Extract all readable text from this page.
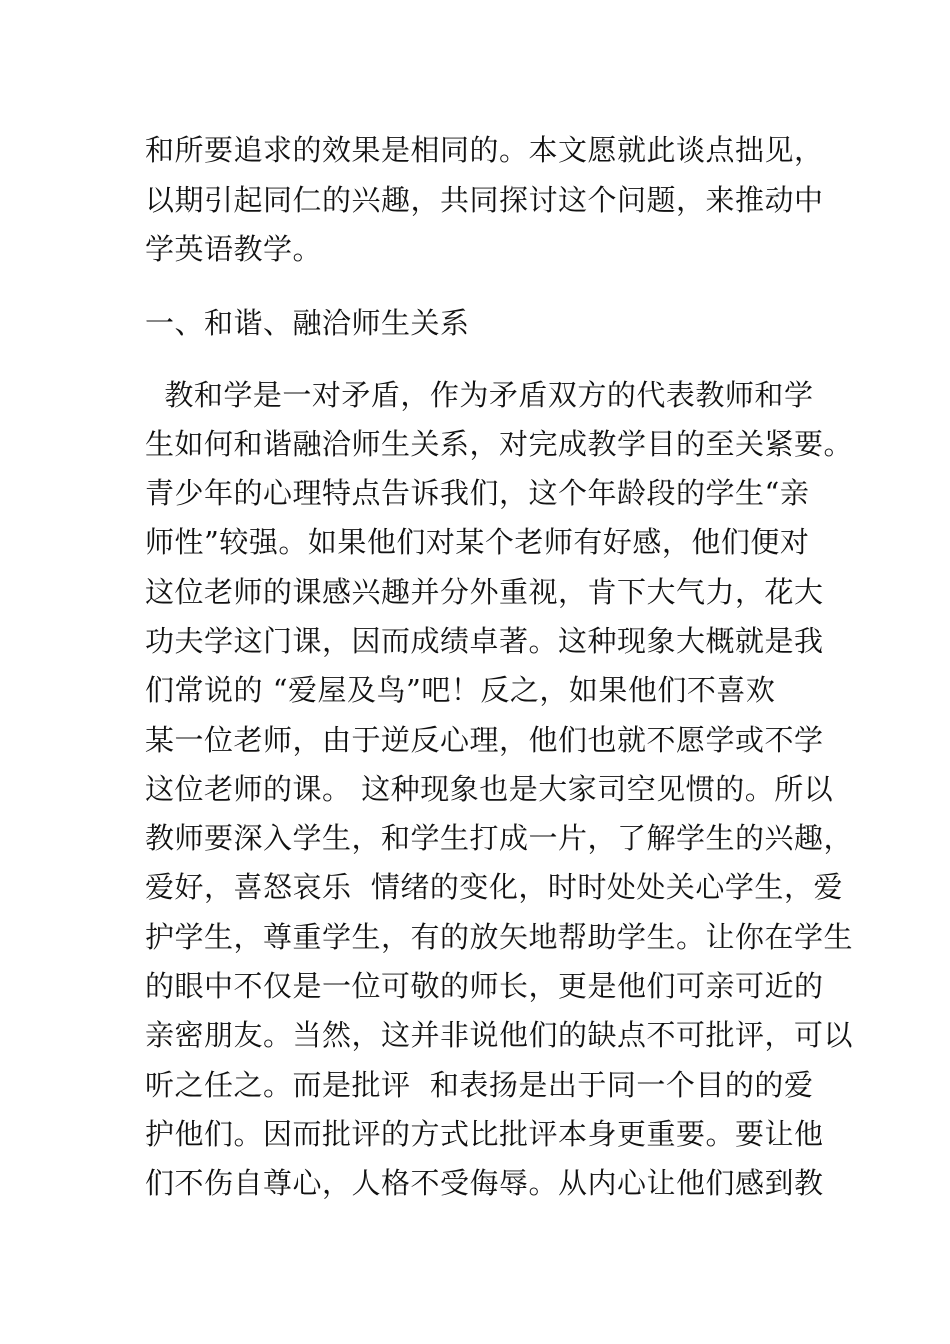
和所要追求的效果是相同的。本文愿就此谈点拙见，
以期引起同仁的兴趣，共同探讨这个问题，来推动中
学英语教学。
一、和谐、融洽师生关系
教和学是一对矛盾，作为矛盾双方的代表教师和学
生如何和谐融洽师生关系，对完成教学目的至关紧要。
青少年的心理特点告诉我们，这个年龄段的学生“亲
师性”较强。如果他们对某个老师有好感，他们便对
这位老师的课感兴趣并分外重视，肯下大气力，花大
功夫学这门课，因而成绩卓著。这种现象大概就是我
们常说的 “爱屋及鸟”吧！反之，如果他们不喜欢
某一位老师，由于逆反心理，他们也就不愿学或不学
这位老师的课。 这种现象也是大家司空见惯的。所以
教师要深入学生，和学生打成一片，了解学生的兴趣，
爱好，喜怒哀乐  情绪的变化，时时处处关心学生，爱
护学生，尊重学生，有的放矢地帮助学生。让你在学生
的眼中不仅是一位可敬的师长，更是他们可亲可近的
亲密朋友。当然，这并非说他们的缺点不可批评，可以
听之任之。而是批评  和表扬是出于同一个目的的爱
护他们。因而批评的方式比批评本身更重要。要让他
们不伤自尊心，人格不受侮辱。从内心让他们感到教
